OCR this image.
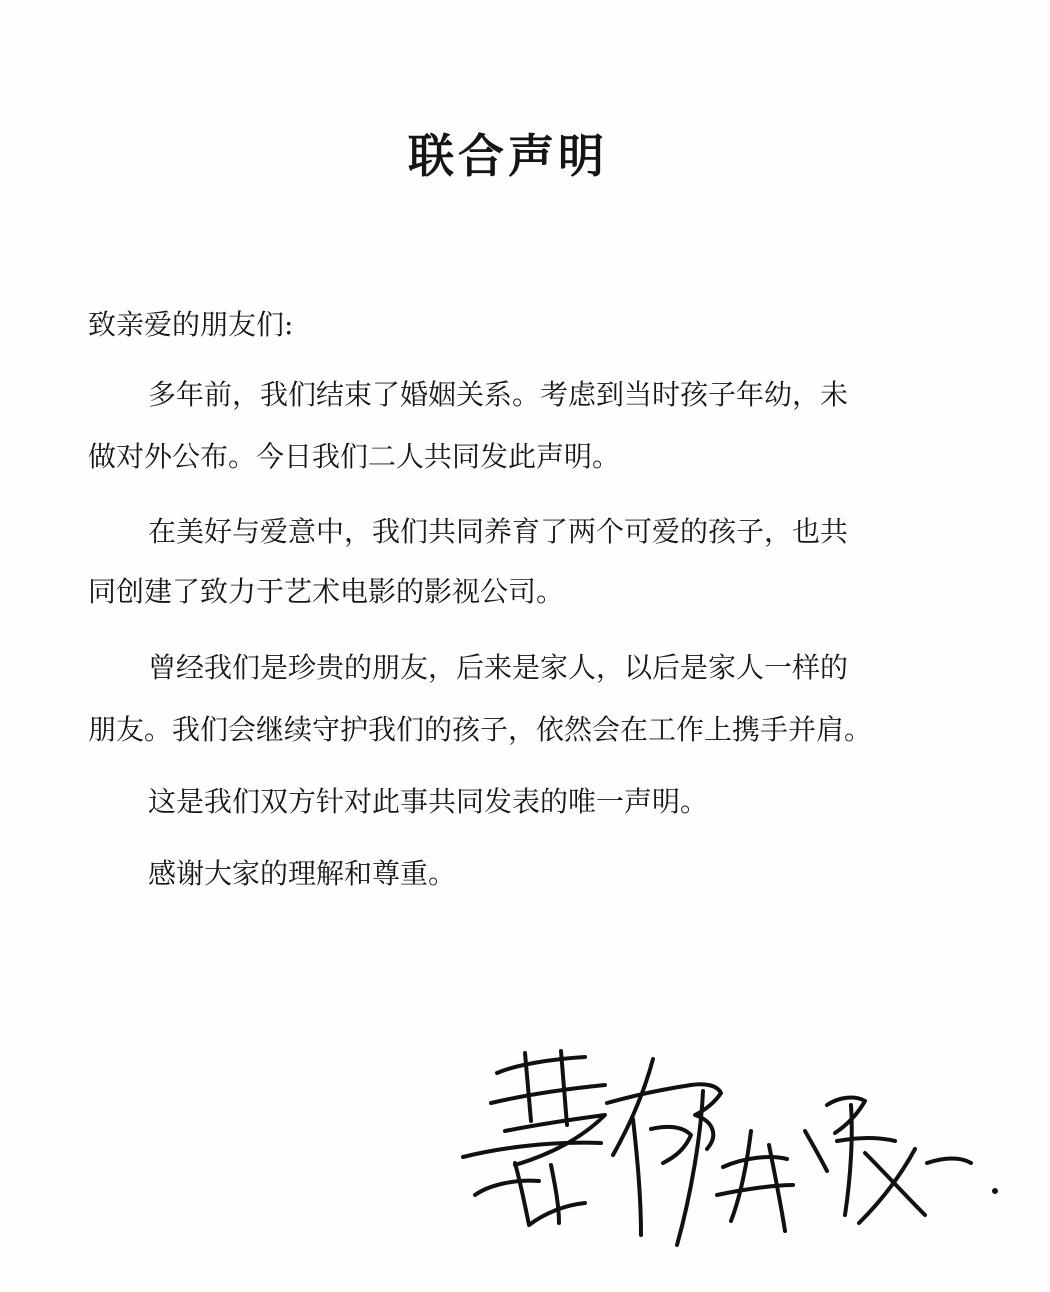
联合声明

致亲爱的朋友们:

多年前，我们结束了婚姻关系。考虑到当时孩子年幼，未

做对外公布。今日我们二人共同发此声明。

在美好与爱意中，我们共同养育了两个可爱的孩子，也共

同创建了致力于艺术电影的影视公司。

曾经我们是珍贵的朋友，后来是家人，以后是家人一样的

朋友。我们会继续守护我们的孩子，依然会在工作上携手并肩。

这是我们双方针对此事共同发表的唯一声明。

感谢大家的理解和尊重。
